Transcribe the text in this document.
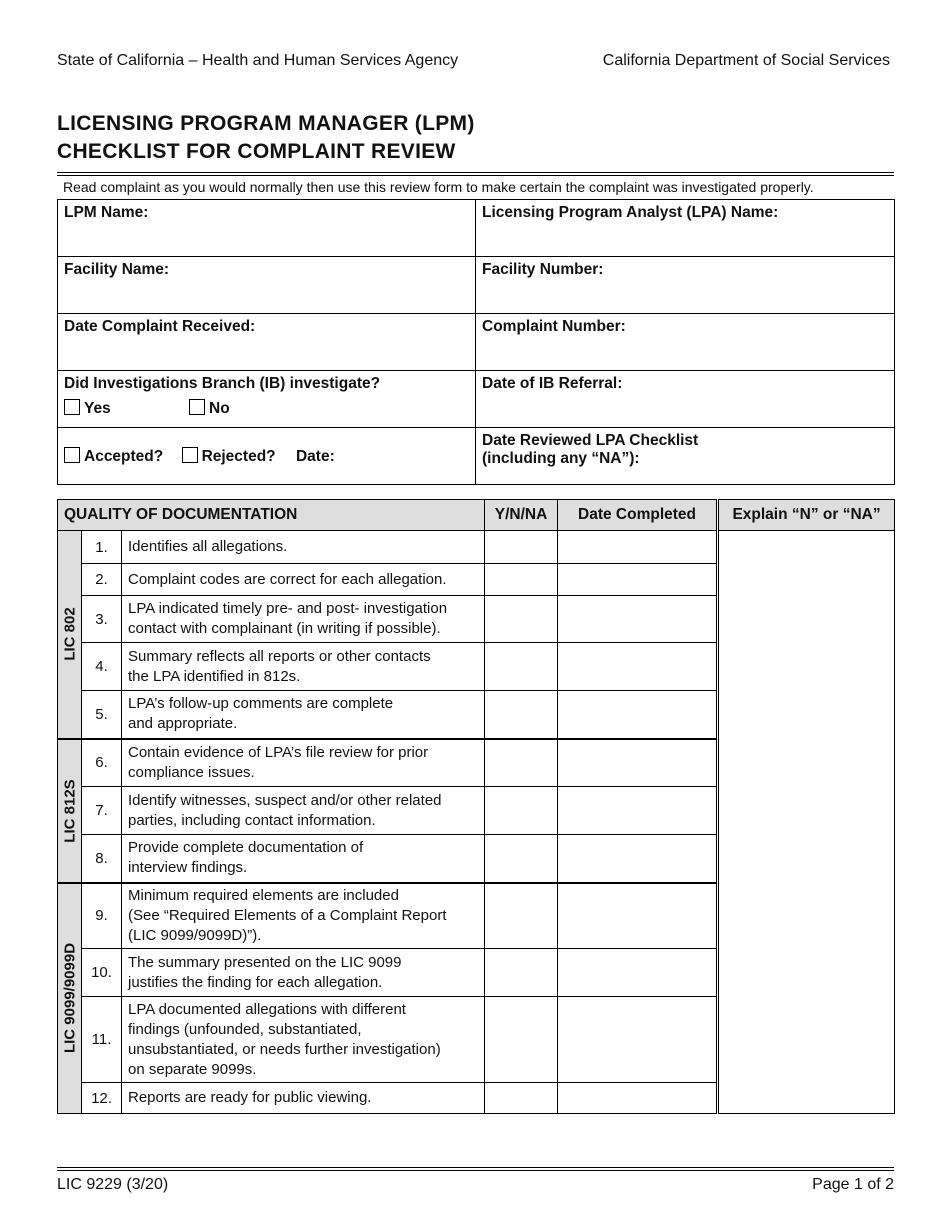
State of California – Health and Human Services Agency	California Department of Social Services
LICENSING PROGRAM MANAGER (LPM)
CHECKLIST FOR COMPLAINT REVIEW
Read complaint as you would normally then use this review form to make certain the complaint was investigated properly.
LPM Name:	Licensing Program Analyst (LPA) Name:
Facility Name:	Facility Number:
Date Complaint Received:	Complaint Number:

Did Investigations Branch (IB) investigate?
Yes No	Date of IB Referral:
Accepted? Rejected? Date:	Date Reviewed LPA Checklist
(including any “NA”):
QUALITY OF DOCUMENTATION			Y/N/NA	Date Completed		Explain “N” or “NA”

LIC 802	1.	Identifies all allegations.				

	2.	Complaint codes are correct for each allegation.				

	3.	LPA indicated timely pre- and post- investigation
contact with complainant (in writing if possible).				

	4.	Summary reflects all reports or other contacts
the LPA identified in 812s.				

	5.	LPA’s follow-up comments are complete
and appropriate.				

LIC 812S	6.	Contain evidence of LPA’s file review for prior
compliance issues.				

	7.	Identify witnesses, suspect and/or other related
parties, including contact information.				

	8.	Provide complete documentation of
interview findings.				

LIC 9099/9099D	9.	Minimum required elements are included
(See “Required Elements of a Complaint Report
(LIC 9099/9099D)”).				

	10.	The summary presented on the LIC 9099
justifies the finding for each allegation.				

	11.	LPA documented allegations with different
findings (unfounded, substantiated,
unsubstantiated, or needs further investigation)
on separate 9099s.				

	12.	Reports are ready for public viewing.				

LIC 9229 (3/20)	Page 1 of 2
